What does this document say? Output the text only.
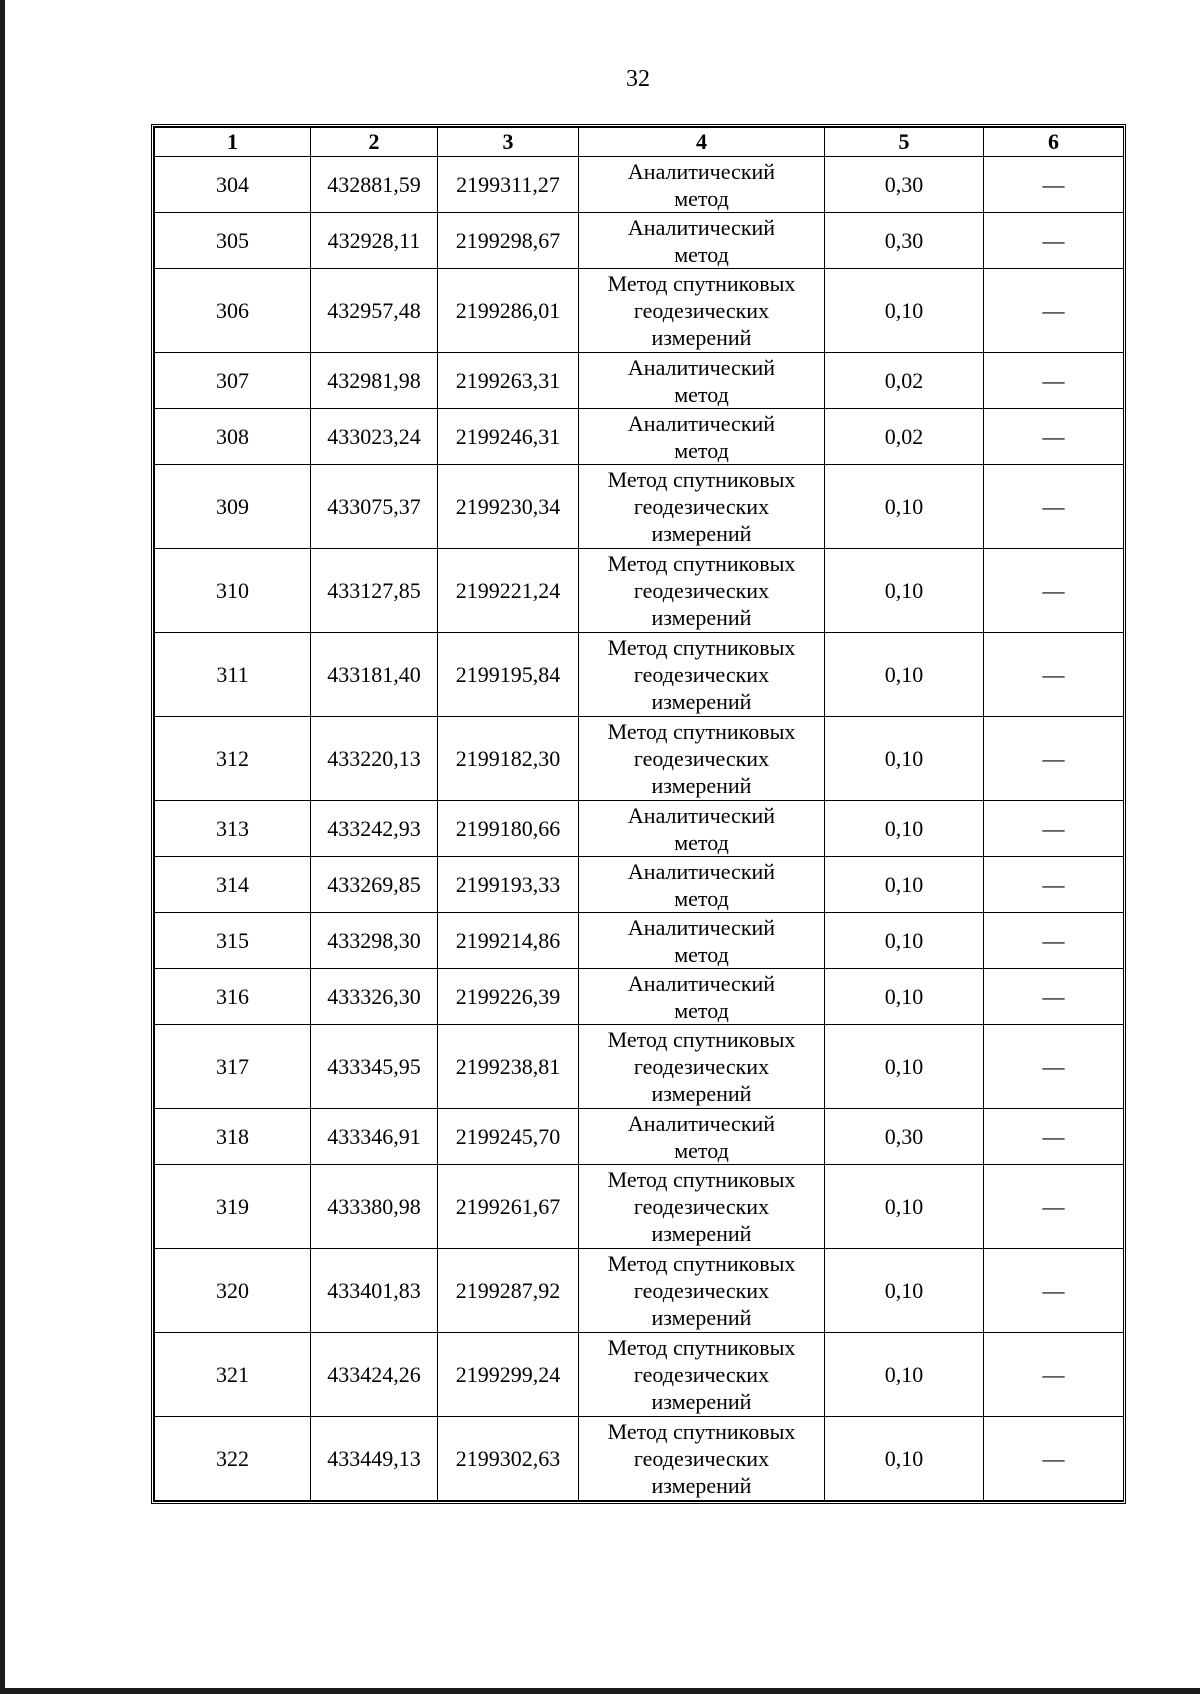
32
1	2	3	4	5	6
304	432881,59	2199311,27	Аналитический
метод	0,30	—
305	432928,11	2199298,67	Аналитический
метод	0,30	—
306	432957,48	2199286,01	Метод спутниковых
геодезических
измерений	0,10	—
307	432981,98	2199263,31	Аналитический
метод	0,02	—
308	433023,24	2199246,31	Аналитический
метод	0,02	—
309	433075,37	2199230,34	Метод спутниковых
геодезических
измерений	0,10	—
310	433127,85	2199221,24	Метод спутниковых
геодезических
измерений	0,10	—
311	433181,40	2199195,84	Метод спутниковых
геодезических
измерений	0,10	—
312	433220,13	2199182,30	Метод спутниковых
геодезических
измерений	0,10	—
313	433242,93	2199180,66	Аналитический
метод	0,10	—
314	433269,85	2199193,33	Аналитический
метод	0,10	—
315	433298,30	2199214,86	Аналитический
метод	0,10	—
316	433326,30	2199226,39	Аналитический
метод	0,10	—
317	433345,95	2199238,81	Метод спутниковых
геодезических
измерений	0,10	—
318	433346,91	2199245,70	Аналитический
метод	0,30	—
319	433380,98	2199261,67	Метод спутниковых
геодезических
измерений	0,10	—
320	433401,83	2199287,92	Метод спутниковых
геодезических
измерений	0,10	—
321	433424,26	2199299,24	Метод спутниковых
геодезических
измерений	0,10	—
322	433449,13	2199302,63	Метод спутниковых
геодезических
измерений	0,10	—
